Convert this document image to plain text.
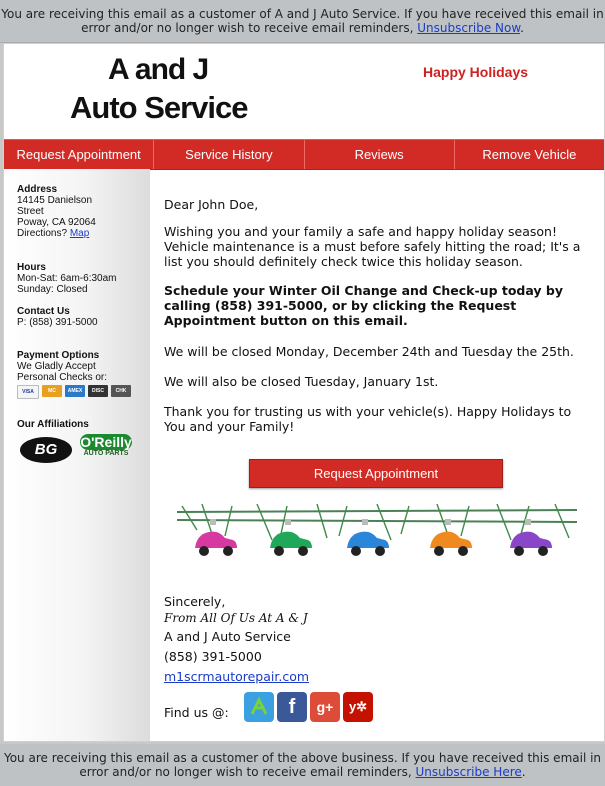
You are receiving this email as a customer of A and J Auto Service. If you have received this email in error and/or no longer wish to receive email reminders, Unsubscribe Now.
A and J
Auto Service
Happy Holidays
Request Appointment	Service History	Reviews	Remove Vehicle
Address
14145 Danielson
Street
Poway, CA 92064
Directions? Map
Hours
Mon-Sat: 6am-6:30am
Sunday: Closed
Contact Us
P: (858) 391-5000
Payment Options
We Gladly Accept
Personal Checks or:
VISA	MC	AMEX	DISC	CHK
Our Affiliations
BG	O'Reilly
AUTO PARTS

Dear John Doe,

Wishing you and your family a safe and happy holiday season! Vehicle maintenance is a must before safely hitting the road; It's a list you should definitely check twice this holiday season.

Schedule your Winter Oil Change and Check-up today by calling (858) 391-5000, or by clicking the Request Appointment button on this email.

We will be closed Monday, December 24th and Tuesday the 25th.

We will also be closed Tuesday, January 1st.

Thank you for trusting us with your vehicle(s). Happy Holidays to You and your Family!

Sincerely,

From All Of Us At A & J

A and J Auto Service

(858) 391-5000

m1scrmautorepair.com

Find us @:

Request Appointment
f	g+	y✲
You are receiving this email as a customer of the above business. If you have received this email in error and/or no longer wish to receive email reminders, Unsubscribe Here.
